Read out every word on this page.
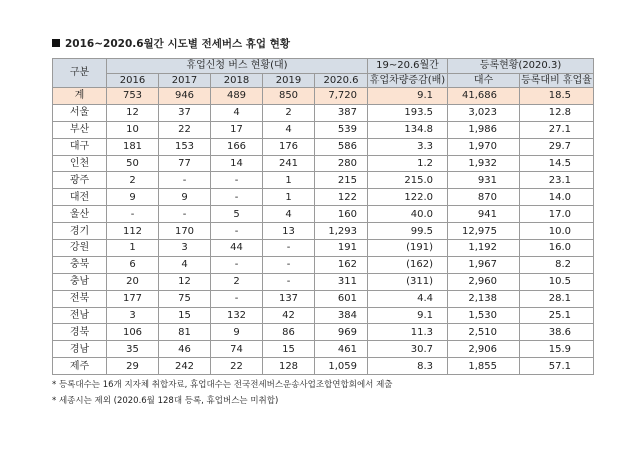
2016~2020.6월간 시도별 전세버스 휴업 현황
구분	휴업신청 버스 현황(대)					19~20.6월간	등록현황(2020.3)	
	2016	2017	2018	2019	2020.6	휴업차량증감(배)	대수	등록대비 휴업율
계	753	946	489	850	7,720	9.1	41,686	18.5
서울	12	37	4	2	387	193.5	3,023	12.8
부산	10	22	17	4	539	134.8	1,986	27.1
대구	181	153	166	176	586	3.3	1,970	29.7
인천	50	77	14	241	280	1.2	1,932	14.5
광주	2	-	-	1	215	215.0	931	23.1
대전	9	9	-	1	122	122.0	870	14.0
울산	-	-	5	4	160	40.0	941	17.0
경기	112	170	-	13	1,293	99.5	12,975	10.0
강원	1	3	44	-	191	(191)	1,192	16.0
충북	6	4	-	-	162	(162)	1,967	8.2
충남	20	12	2	-	311	(311)	2,960	10.5
전북	177	75	-	137	601	4.4	2,138	28.1
전남	3	15	132	42	384	9.1	1,530	25.1
경북	106	81	9	86	969	11.3	2,510	38.6
경남	35	46	74	15	461	30.7	2,906	15.9
제주	29	242	22	128	1,059	8.3	1,855	57.1
* 등록대수는 16개 지자체 취합자료, 휴업대수는 전국전세버스운송사업조합연합회에서 제출
* 세종시는 제외 (2020.6월 128대 등록, 휴업버스는 미취합)
